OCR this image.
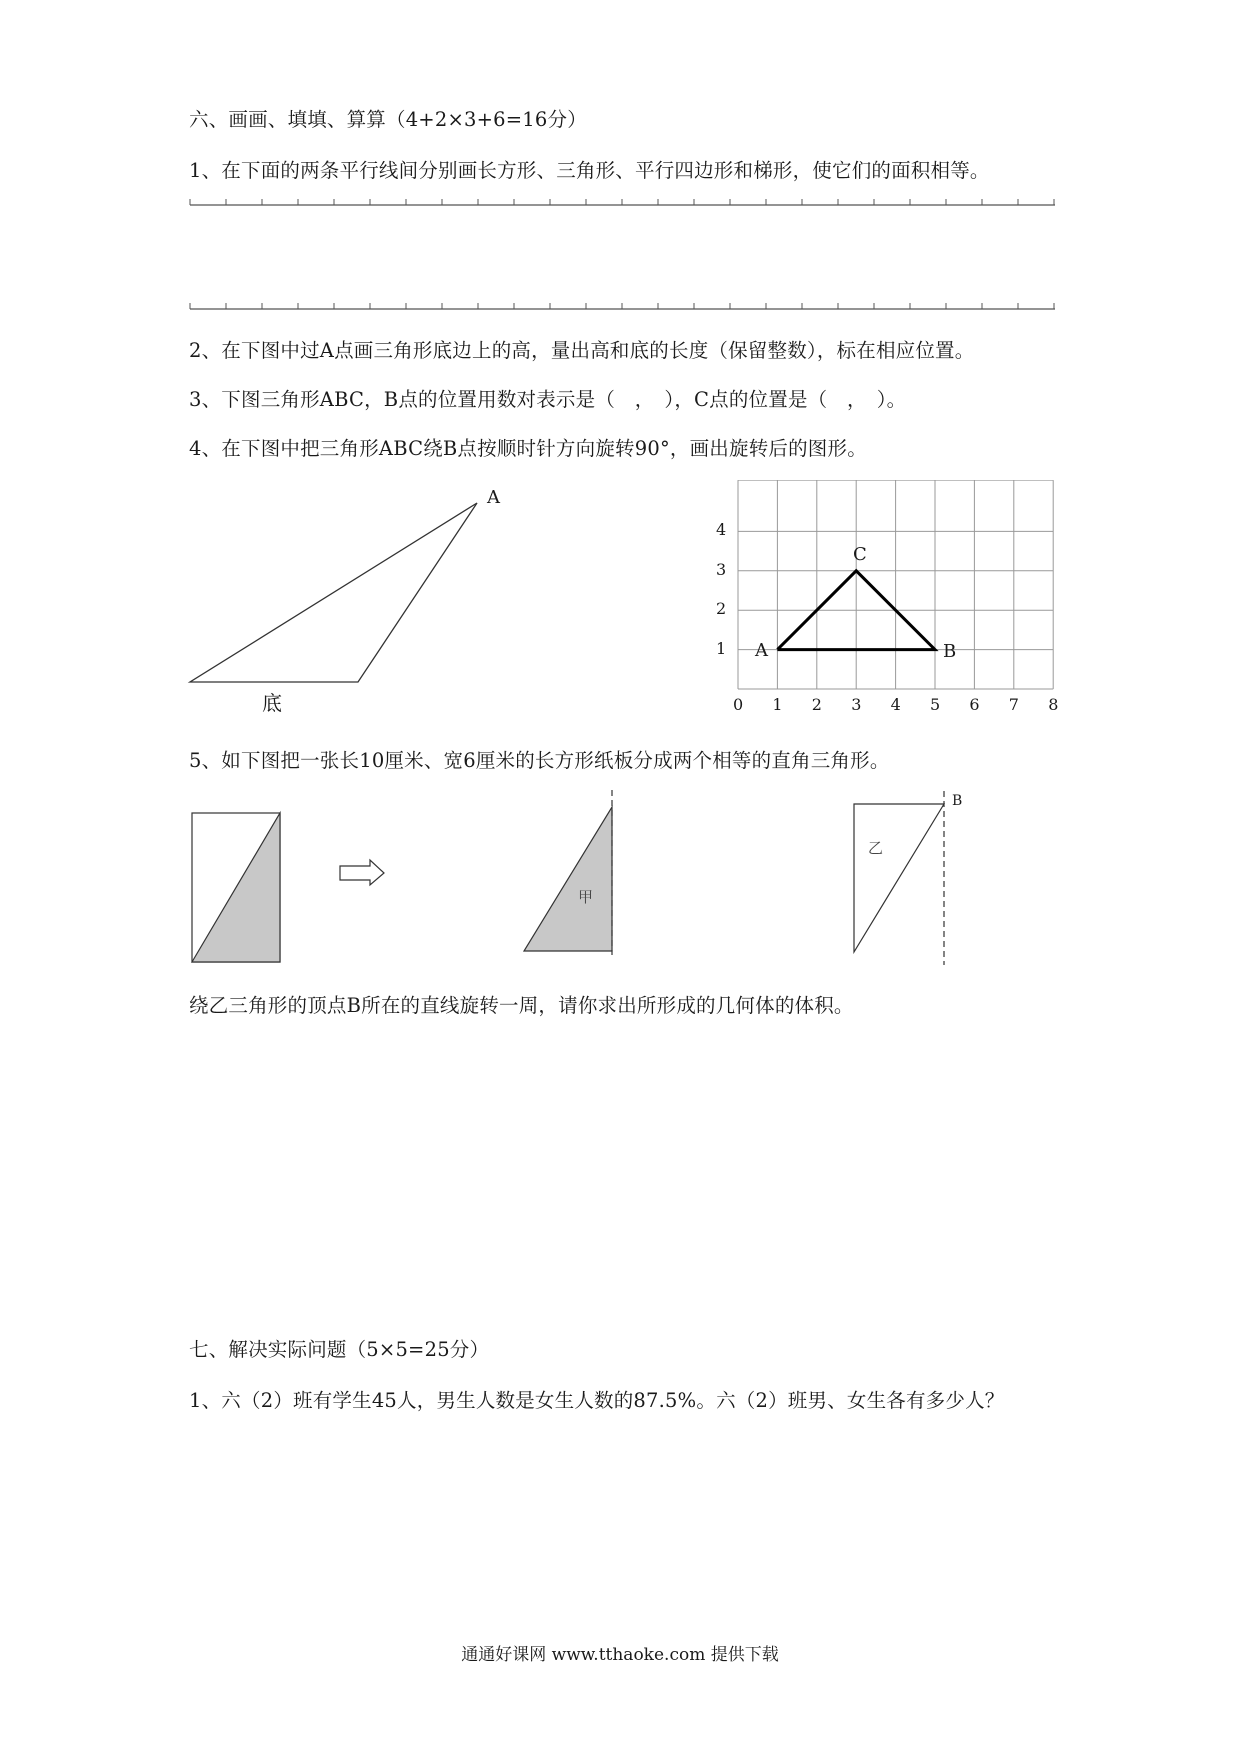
六、画画、填填、算算（4+2×3+6=16分）
1、在下面的两条平行线间分别画长方形、三角形、平行四边形和梯形，使它们的面积相等。
2、在下图中过A点画三角形底边上的高，量出高和底的长度（保留整数），标在相应位置。
3、下图三角形ABC，B点的位置用数对表示是（　，　），C点的位置是（　，　）。
4、在下图中把三角形ABC绕B点按顺时针方向旋转90°，画出旋转后的图形。
A
底	0 1 2 3 4 5 6 7 8
1
2
3
4
A	B
C
5、如下图把一张长10厘米、宽6厘米的长方形纸板分成两个相等的直角三角形。
甲
乙
B
绕乙三角形的顶点B所在的直线旋转一周，请你求出所形成的几何体的体积。
七、解决实际问题（5×5=25分）
1、六（2）班有学生45人，男生人数是女生人数的87.5%。六（2）班男、女生各有多少人？
通通好课网 www.tthaoke.com 提供下载
